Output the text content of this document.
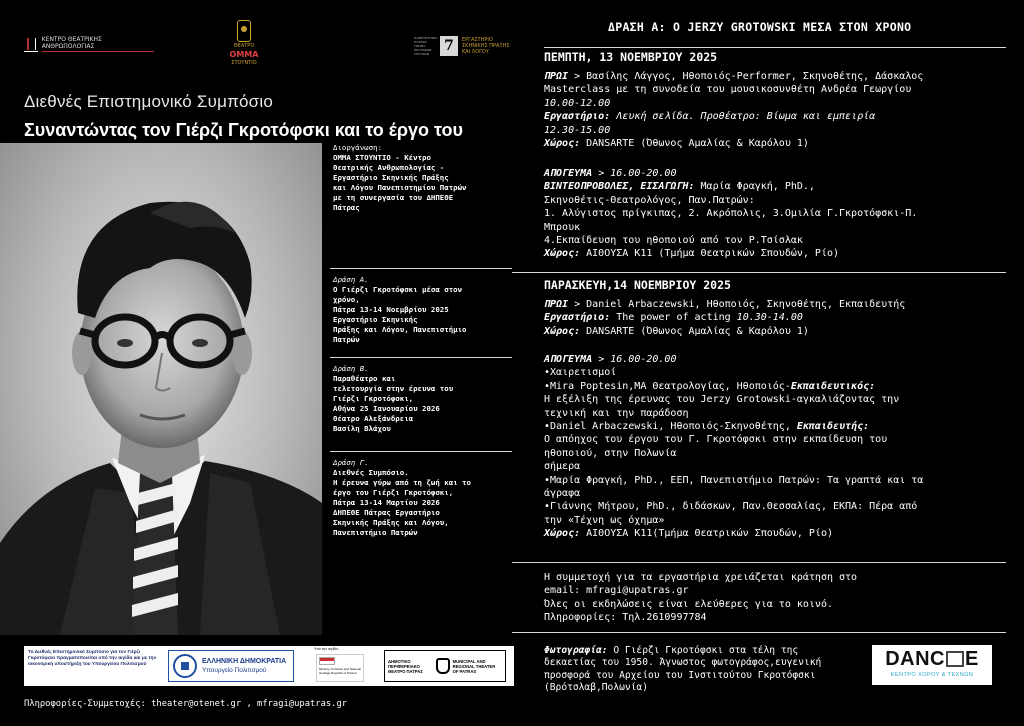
ΚΕΝΤΡΟ ΘΕΑΤΡΙΚΗΣ ΑΝΘΡΩΠΟΛΟΓΙΑΣ	ΘΕΑΤΡΟ
ΟΜΜΑ
ΣΤΟΥΝΤΙΟ
ΠΑΝΕΠΙΣΤΗΜΙΟ ΠΑΤΡΩΝ ΤΜΗΜΑ ΘΕΑΤΡΙΚΩΝ ΣΠΟΥΔΩΝ	7	ΕΡΓΑΣΤΗΡΙΟ ΣΚΗΝΙΚΗΣ ΠΡΑΞΗΣ ΚΑΙ ΛΟΓΟΥ
Διεθνές Επιστημονικό Συμπόσιο
Συναντώντας τον Γιέρζι Γκροτόφσκι και το έργο του
Διοργάνωση:
ΟΜΜΑ ΣΤΟΥΝΤΙΟ - Κέντρο
Θεατρικής Ανθρωπολογίας -
Εργαστήριο Σκηνικής Πράξης
και Λόγου Πανεπιστημίου Πατρών
με τη συνεργασία του ΔΗΠΕΘΕ
Πάτρας
Δράση Α.
Ο Γιέρζι Γκροτόφσκι μέσα στον
χρόνο,
Πάτρα 13-14 Νοεμβρίου 2025
Εργαστήριο Σκηνικής
Πράξης και Λόγου, Πανεπιστήμιο
Πατρών
Δράση Β.
Παραθέατρο και
τελετουργία στην έρευνα του
Γιέρζι Γκροτόφσκι,
Αθήνα 25 Ιανουαρίου 2026
Θέατρο Αλεξάνδρεια
Βασίλη Βλάχου
Δράση Γ.
Διεθνές Συμπόσιο.
Η έρευνα γύρω από τη ζωή και το
έργο του Γιέρζι Γκροτόφσκι,
Πάτρα 13-14 Μαρτίου 2026
ΔΗΠΕΘΕ Πάτρας Εργαστήριο
Σκηνικής Πράξης και Λόγου,
Πανεπιστήμιο Πατρών
ΔΡΑΣΗ Α: Ο JERZY GROTOWSKI ΜΕΣΑ ΣΤΟΝ ΧΡΟΝΟ
ΠΕΜΠΤΗ, 13 ΝΟΕΜΒΡΙΟΥ 2025
ΠΡΩΙ > Βασίλης Λάγγος, Ηθοποιός-Performer, Σκηνοθέτης, Δάσκαλος
Masterclass με τη συνοδεία του μουσικοσυνθέτη Ανδρέα Γεωργίου
10.00-12.00
Εργαστήριο: Λευκή σελίδα. Προθέατρο: Βίωμα και εμπειρία
12.30-15.00
Χώρος: DANSARTE (Όθωνος Αμαλίας & Καρόλου 1)
ΑΠΟΓΕΥΜΑ > 16.00-20.00
ΒΙΝΤΕΟΠΡΟΒΟΛΕΣ, ΕΙΣΑΓΩΓΗ: Μαρία Φραγκή, PhD.,
Σκηνοθέτις-Θεατρολόγος, Παν.Πατρών:
1. Αλύγιστος πρίγκιπας, 2. Ακρόπολις, 3.Ομιλία Γ.Γκροτόφσκι-Π.
Μπρουκ
4.Εκπαίδευση του ηθοποιού από τον Ρ.Τσίσλακ
Χώρος: ΑΙΘΟΥΣΑ Κ11 (Τμήμα Θεατρικών Σπουδών, Ρίο)
ΠΑΡΑΣΚΕΥΗ,14 ΝΟΕΜΒΡΙΟΥ 2025
ΠΡΩΙ > Daniel Arbaczewski, Ηθοποιός, Σκηνοθέτης, Εκπαιδευτής
Εργαστήριο: The power of acting 10.30-14.00
Χώρος: DANSARTE (Όθωνος Αμαλίας & Καρόλου 1)
ΑΠΟΓΕΥΜΑ > 16.00-20.00
•Χαιρετισμοί
•Mira Poptesin,MA Θεατρολογίας, Ηθοποιός-Εκπαιδευτικός:
Η εξέλιξη της έρευνας του Jerzy Grotowski-αγκαλιάζοντας την
τεχνική και την παράδοση
•Daniel Arbaczewski, Ηθοποιός-Σκηνοθέτης, Εκπαιδευτής:
Ο απόηχος του έργου του Γ. Γκροτόφσκι στην εκπαίδευση του
ηθοποιού, στην Πολωνία
σήμερα
•Μαρία Φραγκή, PhD., ΕΕΠ, Πανεπιστήμιο Πατρών: Τα γραπτά και τα
άγραφα
•Γιάννης Μήτρου, PhD., διδάσκων, Παν.Θεσσαλίας, ΕΚΠΑ: Πέρα από
την «Τέχνη ως όχημα»
Χώρος: ΑΙΘΟΥΣΑ Κ11(Τμήμα Θεατρικών Σπουδών, Ρίο)
Η συμμετοχή για τα εργαστήρια χρειάζεται κράτηση στο
email: mfragi@upatras.gr
Όλες οι εκδηλώσεις είναι ελεύθερες για το κοινό.
Πληροφορίες: Τηλ.2610997784
Φωτογραφία: Ο Γιέρζι Γκροτόφσκι στα τέλη της
δεκαετίας του 1950. Άγνωστος φωτογράφος,ευγενική
προσφορά του Αρχείου του Ινστιτούτου Γκροτόφσκι
(Βρότσλαβ,Πολωνία)
Το Διεθνές Επιστημονικό Συμπόσιο για τον Γιέρζι Γκροτόφσκι πραγματοποιείται υπό την αιγίδα και με την οικονομική υποστήριξη του Υπουργείου Πολιτισμού	ΕΛΛΗΝΙΚΗ ΔΗΜΟΚΡΑΤΙΑ
Υπουργείο Πολιτισμού
Υπό την αιγίδα:
Ministry of Culture and National Heritage Republic of Poland
ΔΗΜΟΤΙΚΟ ΠΕΡΙΦΕΡΕΙΑΚΟ ΘΕΑΤΡΟ ΠΑΤΡΑΣ
MUNICIPAL AND REGIONAL THEATER OF PATRAS
Πληροφορίες-Συμμετοχές: theater@otenet.gr , mfragi@upatras.gr
DANC E
ΚΕΝΤΡΟ ΧΟΡΟΥ & ΤΕΧΝΩΝ
